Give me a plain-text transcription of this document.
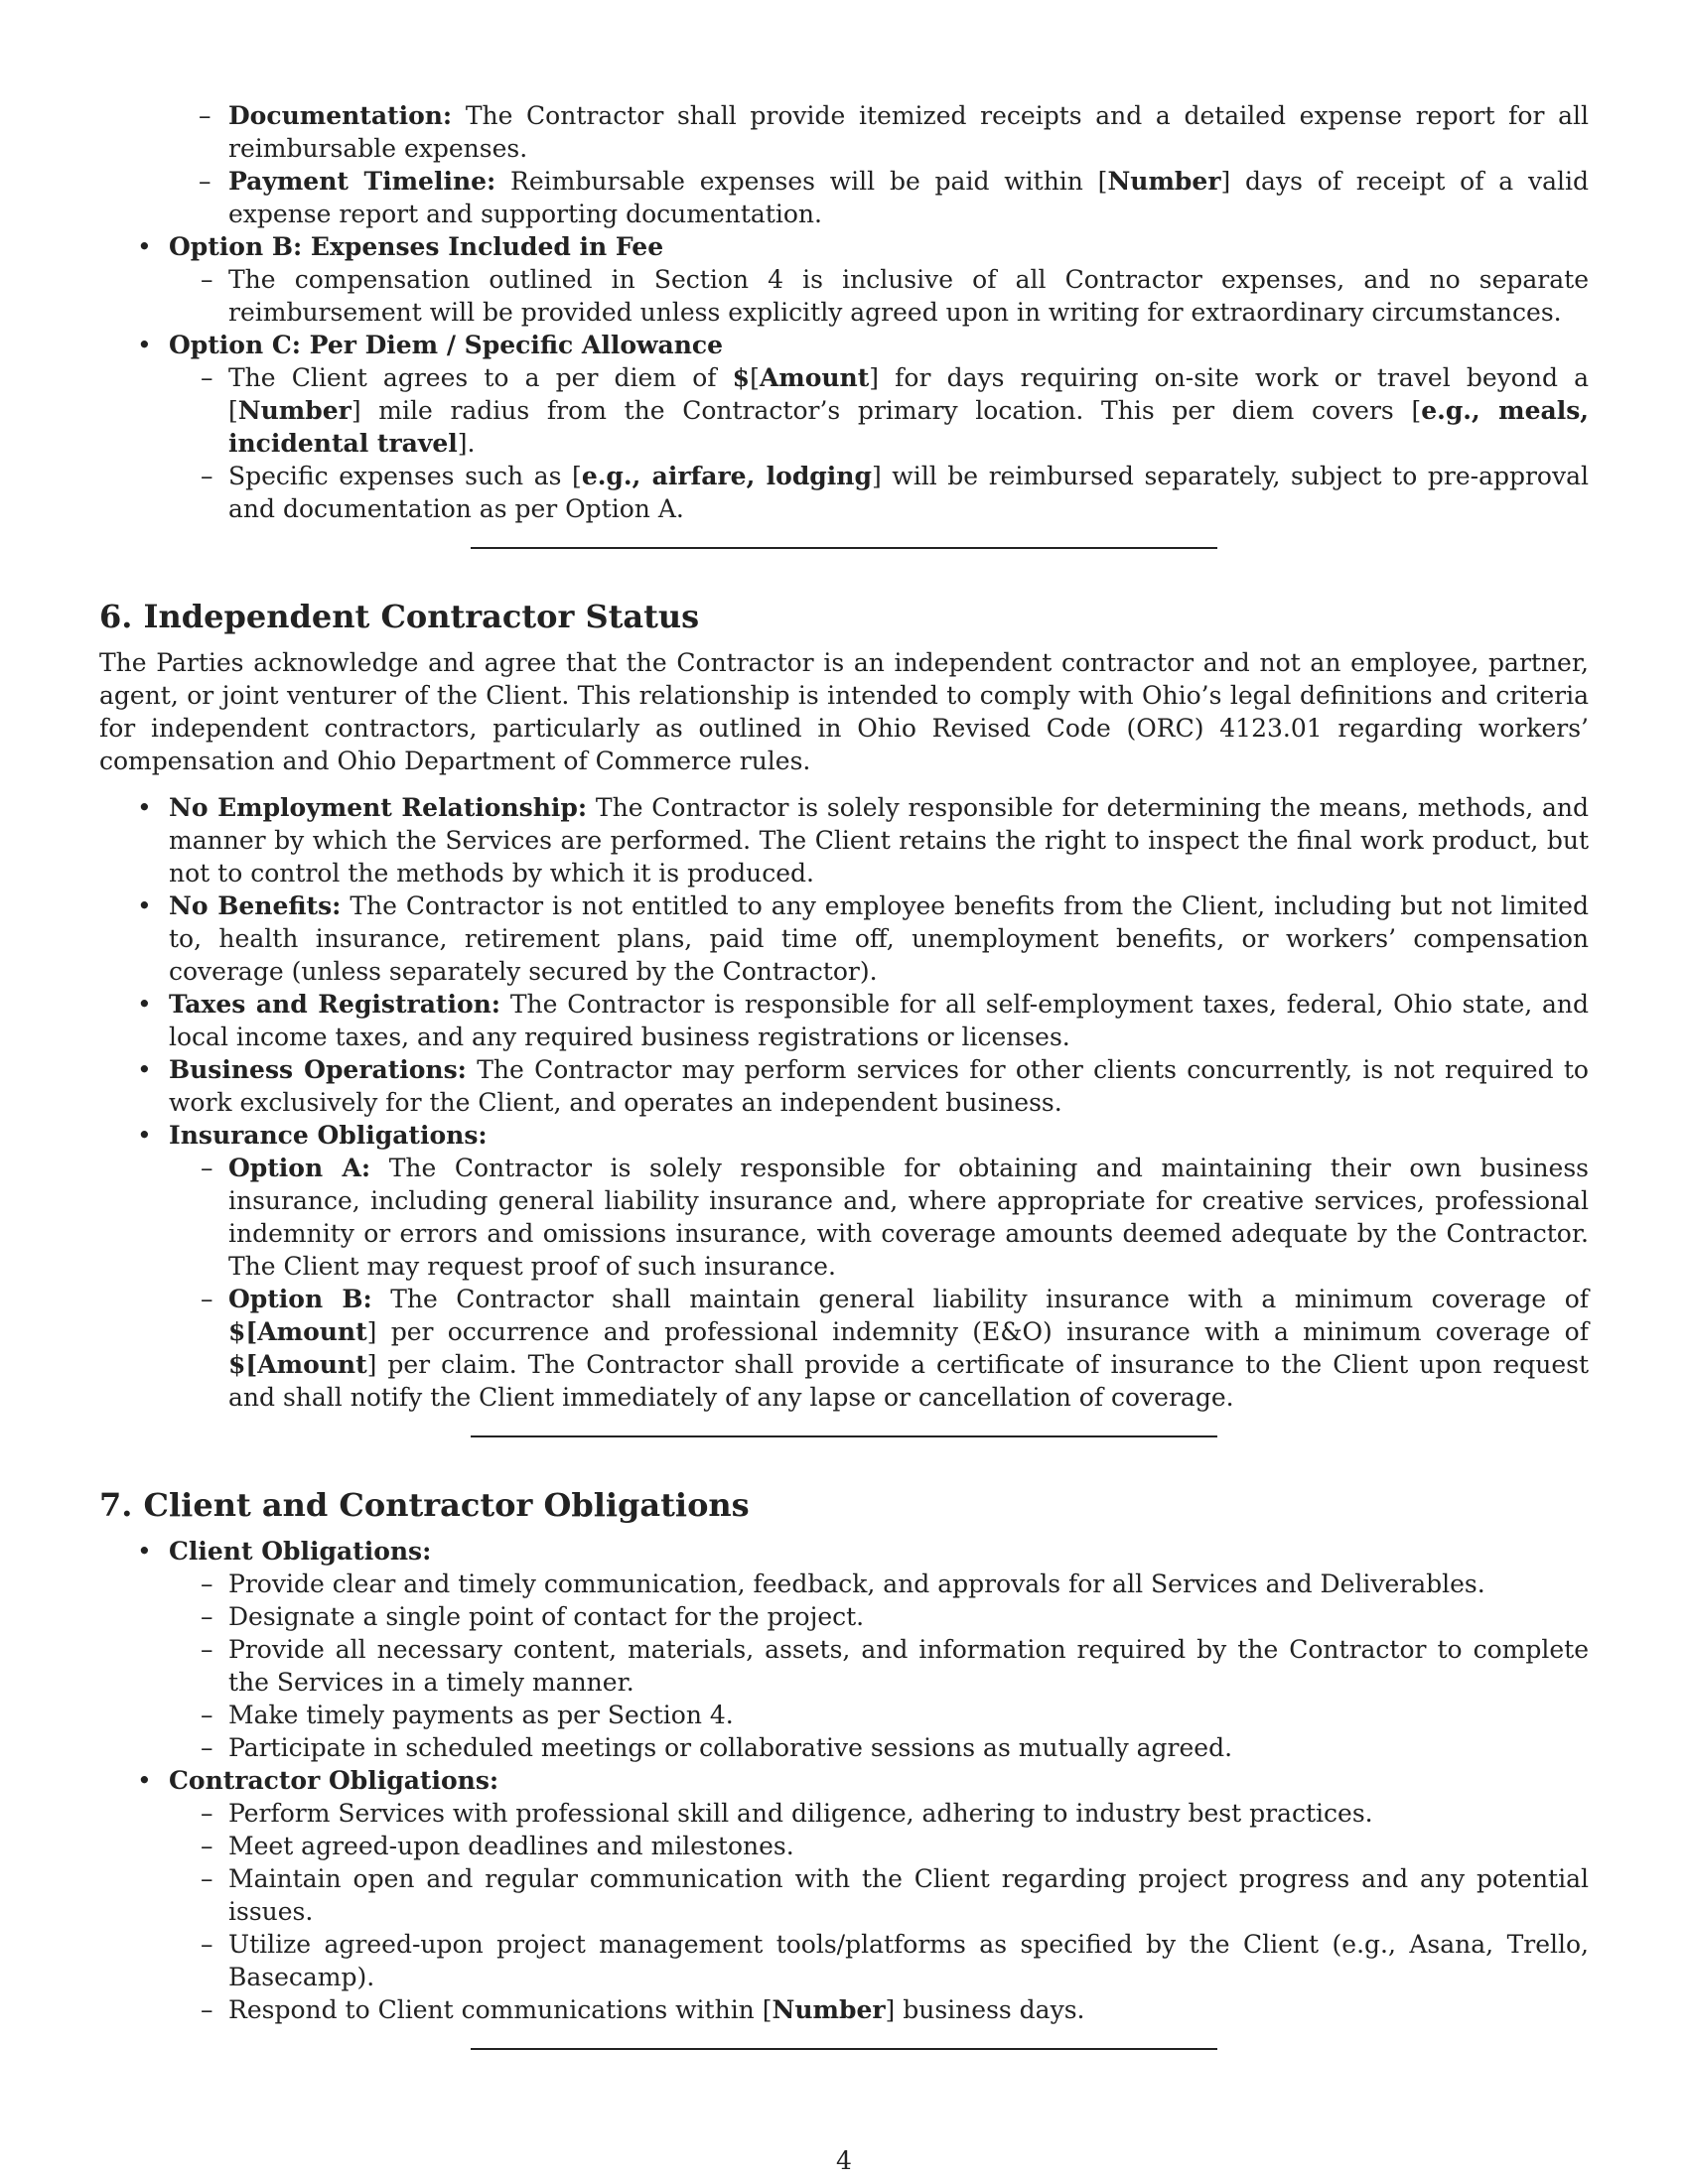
– Documentation: The Contractor shall provide itemized receipts and a detailed expense report for all reimbursable expenses.
– Payment Timeline: Reimbursable expenses will be paid within [Number] days of receipt of a valid expense report and supporting documentation.
• Option B: Expenses Included in Fee
– The compensation outlined in Section 4 is inclusive of all Contractor expenses, and no separate reimbursement will be provided unless explicitly agreed upon in writing for extraordinary circumstances.
• Option C: Per Diem / Specific Allowance
– The Client agrees to a per diem of $[Amount] for days requiring on-site work or travel beyond a [Number] mile radius from the Contractor’s primary location. This per diem covers [e.g., meals, incidental travel].
– Specific expenses such as [e.g., airfare, lodging] will be reimbursed separately, subject to pre-approval and documentation as per Option A.
6. Independent Contractor Status

The Parties acknowledge and agree that the Contractor is an independent contractor and not an employee, partner, agent, or joint venturer of the Client. This relationship is intended to comply with Ohio’s legal definitions and criteria for independent contractors, particularly as outlined in Ohio Revised Code (ORC) 4123.01 regarding workers’ compensation and Ohio Department of Commerce rules.

• No Employment Relationship: The Contractor is solely responsible for determining the means, methods, and manner by which the Services are performed. The Client retains the right to inspect the final work product, but not to control the methods by which it is produced.
• No Benefits: The Contractor is not entitled to any employee benefits from the Client, including but not limited to, health insurance, retirement plans, paid time off, unemployment benefits, or workers’ compensation coverage (unless separately secured by the Contractor).
• Taxes and Registration: The Contractor is responsible for all self-employment taxes, federal, Ohio state, and local income taxes, and any required business registrations or licenses.
• Business Operations: The Contractor may perform services for other clients concurrently, is not required to work exclusively for the Client, and operates an independent business.
• Insurance Obligations:
– Option A: The Contractor is solely responsible for obtaining and maintaining their own business insurance, including general liability insurance and, where appropriate for creative services, professional indemnity or errors and omissions insurance, with coverage amounts deemed adequate by the Contractor. The Client may request proof of such insurance.
– Option B: The Contractor shall maintain general liability insurance with a minimum coverage of $[Amount] per occurrence and professional indemnity (E&O) insurance with a minimum coverage of $[Amount] per claim. The Contractor shall provide a certificate of insurance to the Client upon request and shall notify the Client immediately of any lapse or cancellation of coverage.
7. Client and Contractor Obligations
• Client Obligations:
– Provide clear and timely communication, feedback, and approvals for all Services and Deliverables.
– Designate a single point of contact for the project.
– Provide all necessary content, materials, assets, and information required by the Contractor to complete the Services in a timely manner.
– Make timely payments as per Section 4.
– Participate in scheduled meetings or collaborative sessions as mutually agreed.
• Contractor Obligations:
– Perform Services with professional skill and diligence, adhering to industry best practices.
– Meet agreed-upon deadlines and milestones.
– Maintain open and regular communication with the Client regarding project progress and any potential issues.
– Utilize agreed-upon project management tools/platforms as specified by the Client (e.g., Asana, Trello, Basecamp).
– Respond to Client communications within [Number] business days.
4
